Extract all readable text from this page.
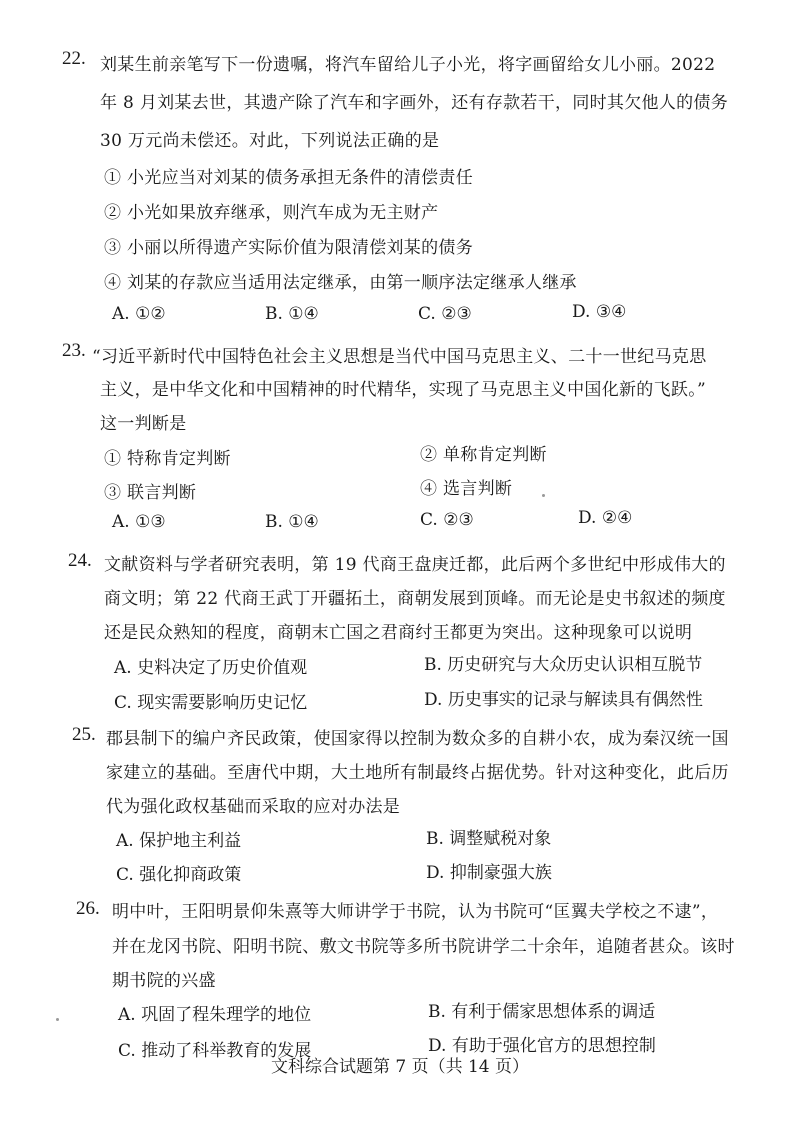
22. 刘某生前亲笔写下一份遗嘱，将汽车留给儿子小光，将字画留给女儿小丽。2022
年 8 月刘某去世，其遗产除了汽车和字画外，还有存款若干，同时其欠他人的债务
30 万元尚未偿还。对此，下列说法正确的是
① 小光应当对刘某的债务承担无条件的清偿责任
② 小光如果放弃继承，则汽车成为无主财产
③ 小丽以所得遗产实际价值为限清偿刘某的债务
④ 刘某的存款应当适用法定继承，由第一顺序法定继承人继承
A. ①②	B. ①④	C. ②③	D. ③④
23. “习近平新时代中国特色社会主义思想是当代中国马克思主义、二十一世纪马克思
主义，是中华文化和中国精神的时代精华，实现了马克思主义中国化新的飞跃。”
这一判断是
① 特称肯定判断	② 单称肯定判断
③ 联言判断	④ 选言判断
A. ①③	B. ①④	C. ②③	D. ②④
24. 文献资料与学者研究表明，第 19 代商王盘庚迁都，此后两个多世纪中形成伟大的
商文明；第 22 代商王武丁开疆拓土，商朝发展到顶峰。而无论是史书叙述的频度
还是民众熟知的程度，商朝末亡国之君商纣王都更为突出。这种现象可以说明
A. 史料决定了历史价值观	B. 历史研究与大众历史认识相互脱节
C. 现实需要影响历史记忆	D. 历史事实的记录与解读具有偶然性
25. 郡县制下的编户齐民政策，使国家得以控制为数众多的自耕小农，成为秦汉统一国
家建立的基础。至唐代中期，大土地所有制最终占据优势。针对这种变化，此后历
代为强化政权基础而采取的应对办法是
A. 保护地主利益	B. 调整赋税对象
C. 强化抑商政策	D. 抑制豪强大族
26. 明中叶，王阳明景仰朱熹等大师讲学于书院，认为书院可“匡翼夫学校之不逮”，
并在龙冈书院、阳明书院、敷文书院等多所书院讲学二十余年，追随者甚众。该时
期书院的兴盛
A. 巩固了程朱理学的地位	B. 有利于儒家思想体系的调适
C. 推动了科举教育的发展	D. 有助于强化官方的思想控制
文科综合试题第 7 页（共 14 页）
